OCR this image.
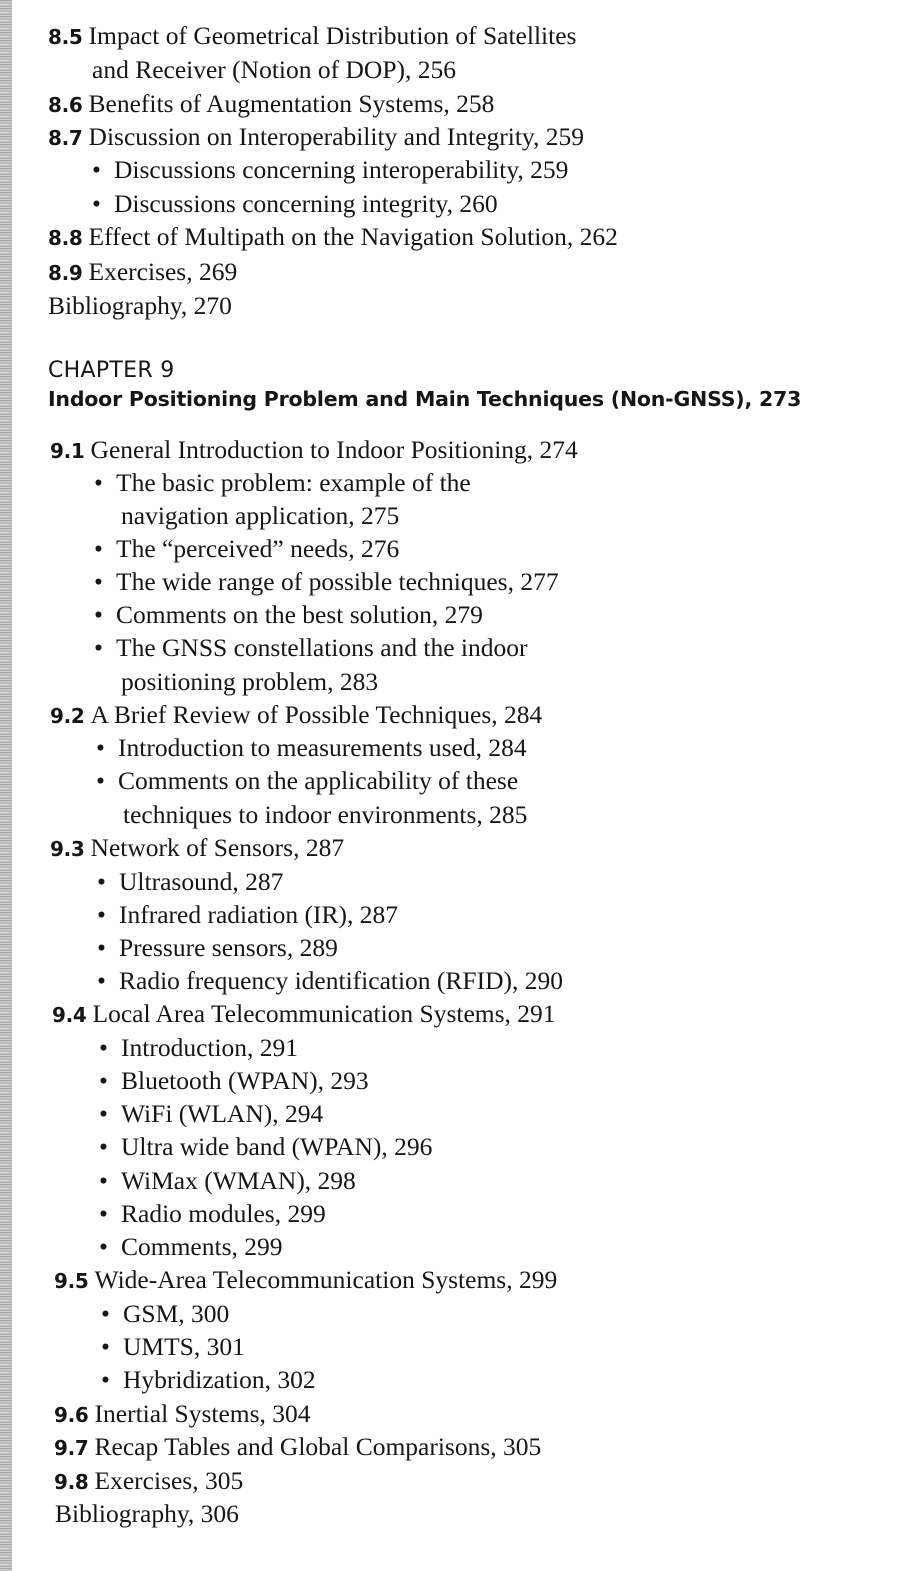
8.5 Impact of Geometrical Distribution of Satellites
and Receiver (Notion of DOP), 256
8.6 Benefits of Augmentation Systems, 258
8.7 Discussion on Interoperability and Integrity, 259
• Discussions concerning interoperability, 259
• Discussions concerning integrity, 260
8.8 Effect of Multipath on the Navigation Solution, 262
8.9 Exercises, 269
Bibliography, 270
CHAPTER 9
Indoor Positioning Problem and Main Techniques (Non-GNSS), 273
9.1 General Introduction to Indoor Positioning, 274
• The basic problem: example of the
navigation application, 275
• The “perceived” needs, 276
• The wide range of possible techniques, 277
• Comments on the best solution, 279
• The GNSS constellations and the indoor
positioning problem, 283
9.2 A Brief Review of Possible Techniques, 284
• Introduction to measurements used, 284
• Comments on the applicability of these
techniques to indoor environments, 285
9.3 Network of Sensors, 287
• Ultrasound, 287
• Infrared radiation (IR), 287
• Pressure sensors, 289
• Radio frequency identification (RFID), 290
9.4 Local Area Telecommunication Systems, 291
• Introduction, 291
• Bluetooth (WPAN), 293
• WiFi (WLAN), 294
• Ultra wide band (WPAN), 296
• WiMax (WMAN), 298
• Radio modules, 299
• Comments, 299
9.5 Wide-Area Telecommunication Systems, 299
• GSM, 300
• UMTS, 301
• Hybridization, 302
9.6 Inertial Systems, 304
9.7 Recap Tables and Global Comparisons, 305
9.8 Exercises, 305
Bibliography, 306
